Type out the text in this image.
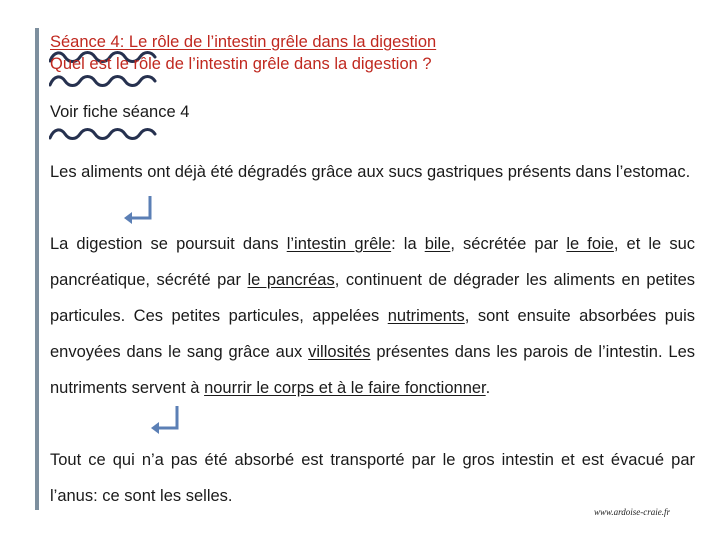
Séance 4: Le rôle de l’intestin grêle dans la digestion
Quel est le rôle de l’intestin grêle dans la digestion ?
Voir fiche séance 4
Les aliments ont déjà été dégradés grâce aux sucs gastriques présents dans l’estomac.
La digestion se poursuit dans l’intestin grêle: la bile, sécrétée par le foie, et le suc pancréatique, sécrété par le pancréas, continuent de dégrader les aliments en petites particules. Ces petites particules, appelées nutriments, sont ensuite absorbées puis envoyées dans le sang grâce aux villosités présentes dans les parois de l’intestin. Les nutriments servent à nourrir le corps et à le faire fonctionner.
Tout ce qui n’a pas été absorbé est transporté par le gros intestin et est évacué par l’anus: ce sont les selles.
www.ardoise-craie.fr
